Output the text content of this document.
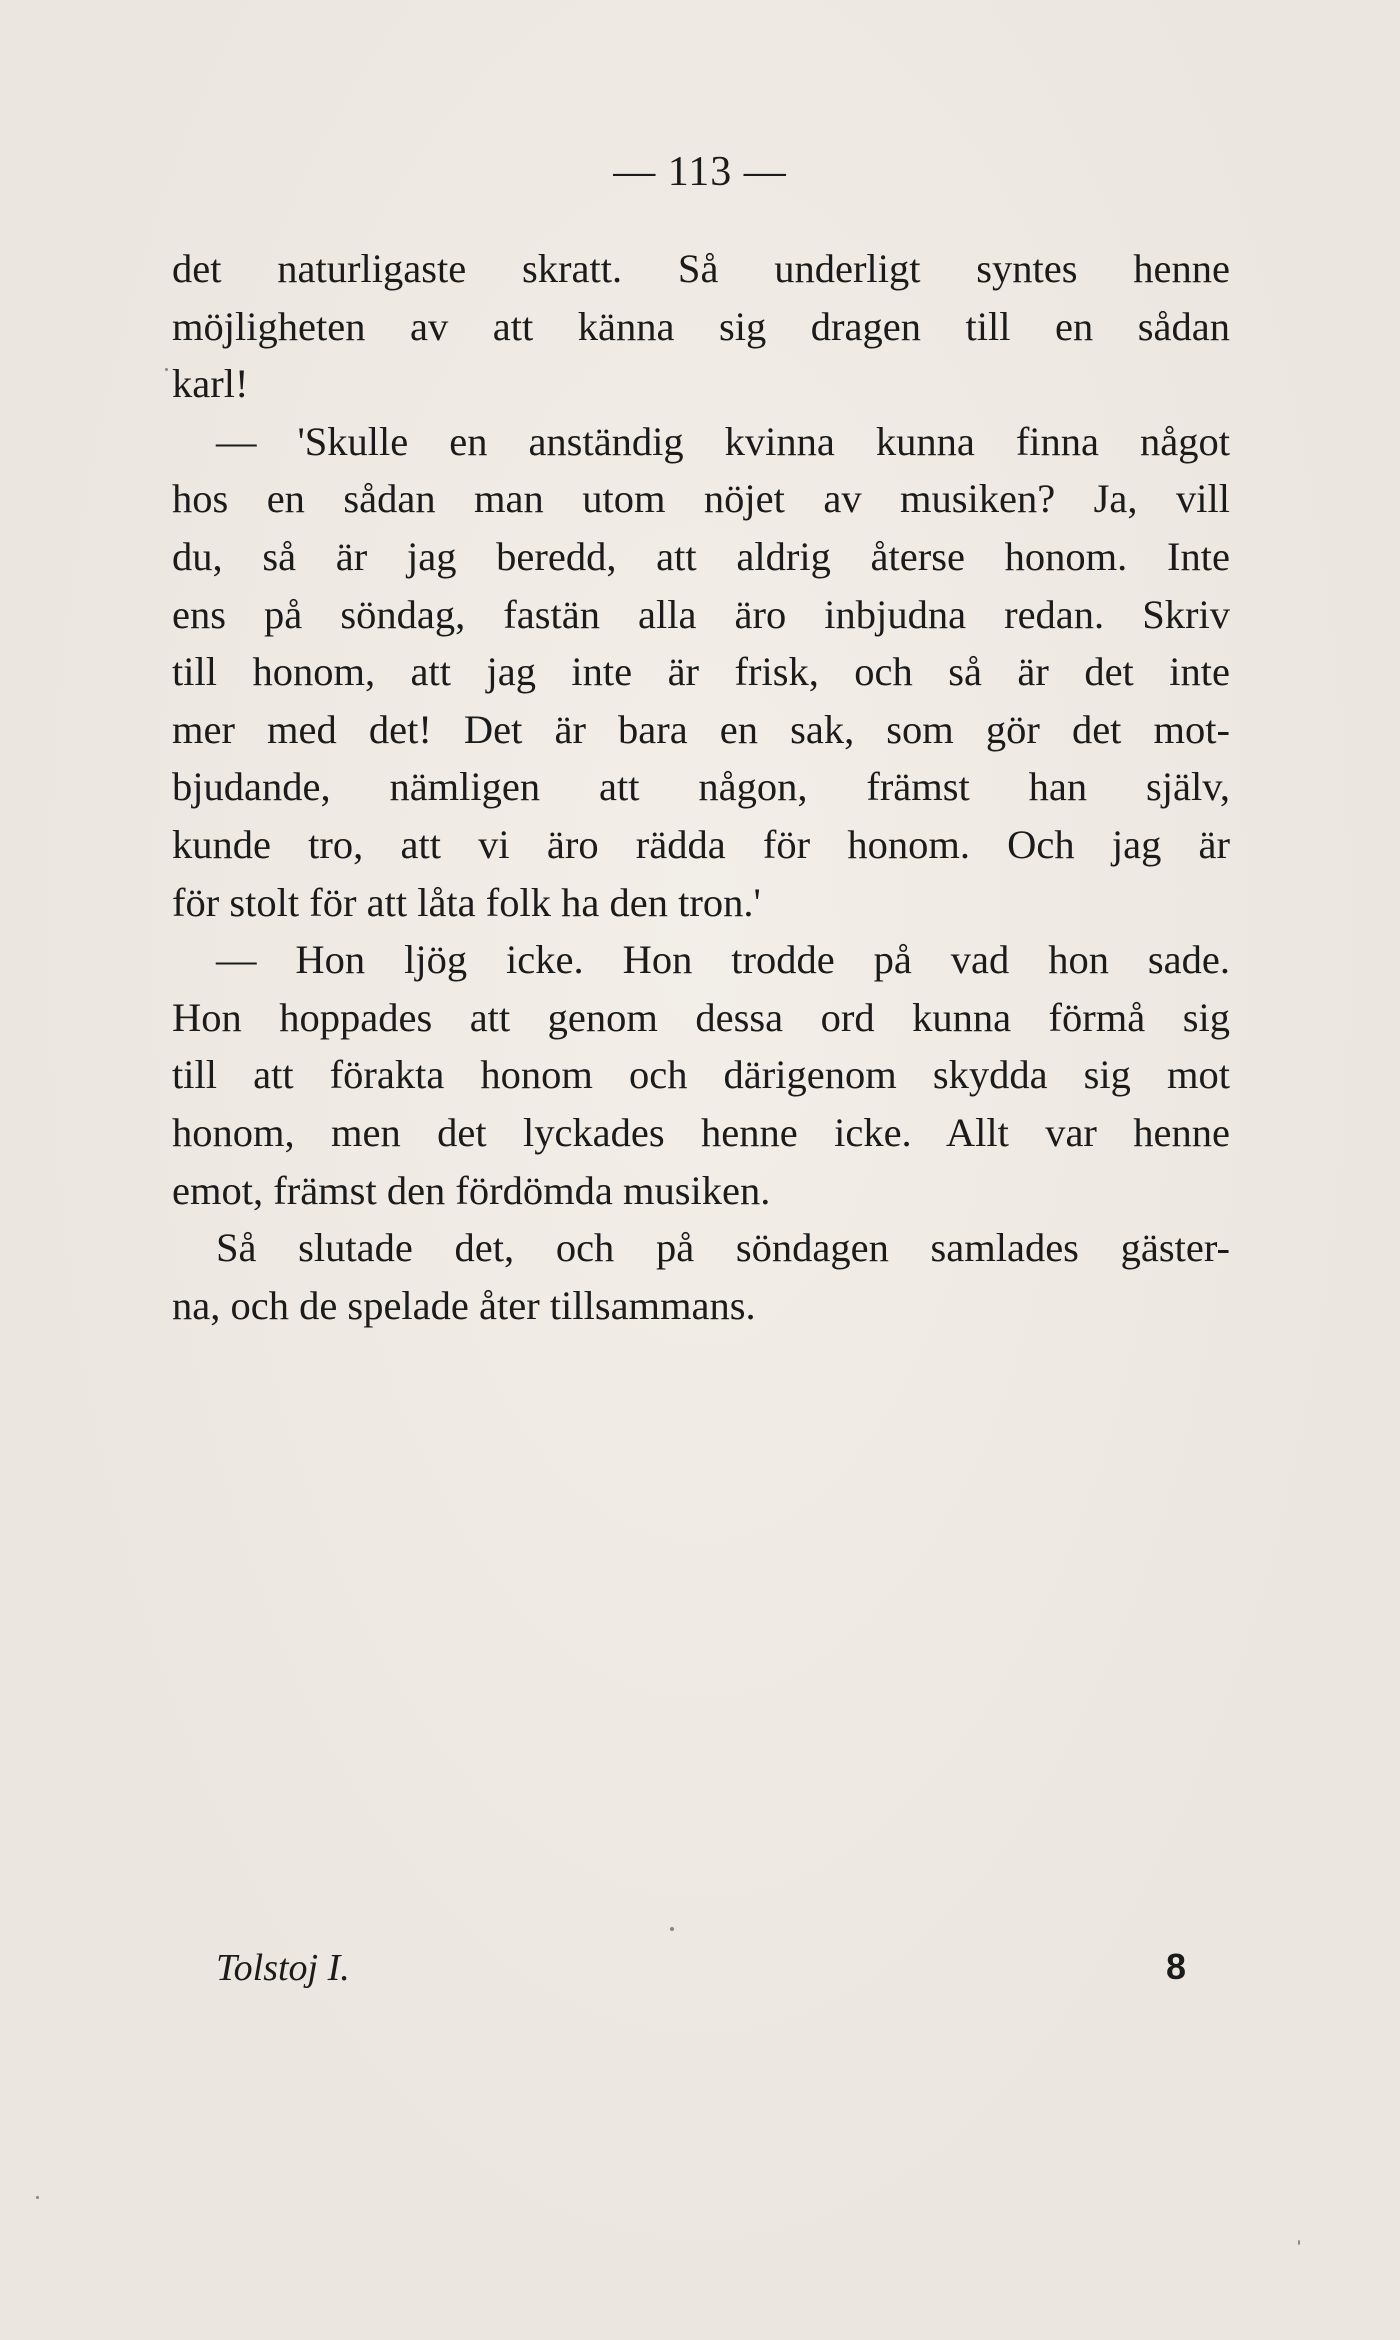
— 113 —
det naturligaste skratt. Så underligt syntes henne
möjligheten av att känna sig dragen till en sådan
karl!
— 'Skulle en anständig kvinna kunna finna något
hos en sådan man utom nöjet av musiken? Ja, vill
du, så är jag beredd, att aldrig återse honom. Inte
ens på söndag, fastän alla äro inbjudna redan. Skriv
till honom, att jag inte är frisk, och så är det inte
mer med det! Det är bara en sak, som gör det mot-
bjudande, nämligen att någon, främst han själv,
kunde tro, att vi äro rädda för honom. Och jag är
för stolt för att låta folk ha den tron.'
— Hon ljög icke. Hon trodde på vad hon sade.
Hon hoppades att genom dessa ord kunna förmå sig
till att förakta honom och därigenom skydda sig mot
honom, men det lyckades henne icke. Allt var henne
emot, främst den fördömda musiken.
Så slutade det, och på söndagen samlades gäster-
na, och de spelade åter tillsammans.
Tolstoj I.	8
